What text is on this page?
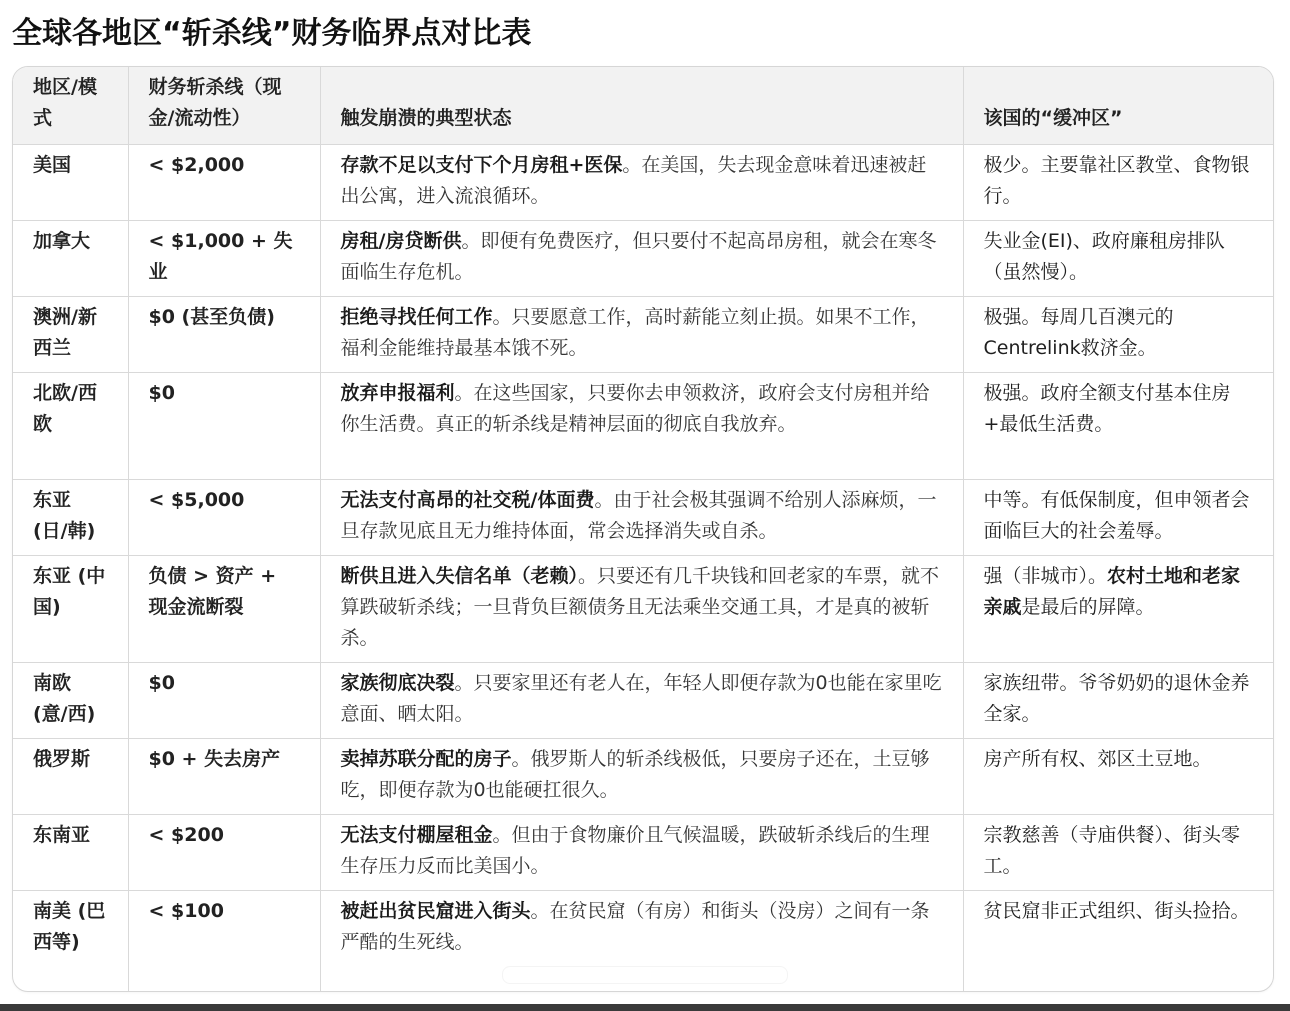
全球各地区“斩杀线”财务临界点对比表
地区/模式	财务斩杀线（现金/流动性）	触发崩溃的典型状态	该国的“缓冲区”
美国	< $2,000	存款不足以支付下个月房租+医保。在美国，失去现金意味着迅速被赶出公寓，进入流浪循环。	极少。主要靠社区教堂、食物银行。
加拿大	< $1,000 + 失业	房租/房贷断供。即便有免费医疗，但只要付不起高昂房租，就会在寒冬面临生存危机。	失业金(EI)、政府廉租房排队（虽然慢）。
澳洲/新西兰	$0 (甚至负债)	拒绝寻找任何工作。只要愿意工作，高时薪能立刻止损。如果不工作，福利金能维持最基本饿不死。	极强。每周几百澳元的Centrelink救济金。
北欧/西欧	$0	放弃申报福利。在这些国家，只要你去申领救济，政府会支付房租并给你生活费。真正的斩杀线是精神层面的彻底自我放弃。	极强。政府全额支付基本住房+最低生活费。
东亚 (日/韩)	< $5,000	无法支付高昂的社交税/体面费。由于社会极其强调不给别人添麻烦，一旦存款见底且无力维持体面，常会选择消失或自杀。	中等。有低保制度，但申领者会面临巨大的社会羞辱。
东亚 (中国)	负债 > 资产 + 现金流断裂	断供且进入失信名单（老赖）。只要还有几千块钱和回老家的车票，就不算跌破斩杀线；一旦背负巨额债务且无法乘坐交通工具，才是真的被斩杀。	强（非城市）。农村土地和老家亲戚是最后的屏障。
南欧 (意/西)	$0	家族彻底决裂。只要家里还有老人在，年轻人即便存款为0也能在家里吃意面、晒太阳。	家族纽带。爷爷奶奶的退休金养全家。
俄罗斯	$0 + 失去房产	卖掉苏联分配的房子。俄罗斯人的斩杀线极低，只要房子还在，土豆够吃，即便存款为0也能硬扛很久。	房产所有权、郊区土豆地。
东南亚	< $200	无法支付棚屋租金。但由于食物廉价且气候温暖，跌破斩杀线后的生理生存压力反而比美国小。	宗教慈善（寺庙供餐）、街头零工。
南美 (巴西等)	< $100	被赶出贫民窟进入街头。在贫民窟（有房）和街头（没房）之间有一条严酷的生死线。	贫民窟非正式组织、街头捡拾。
